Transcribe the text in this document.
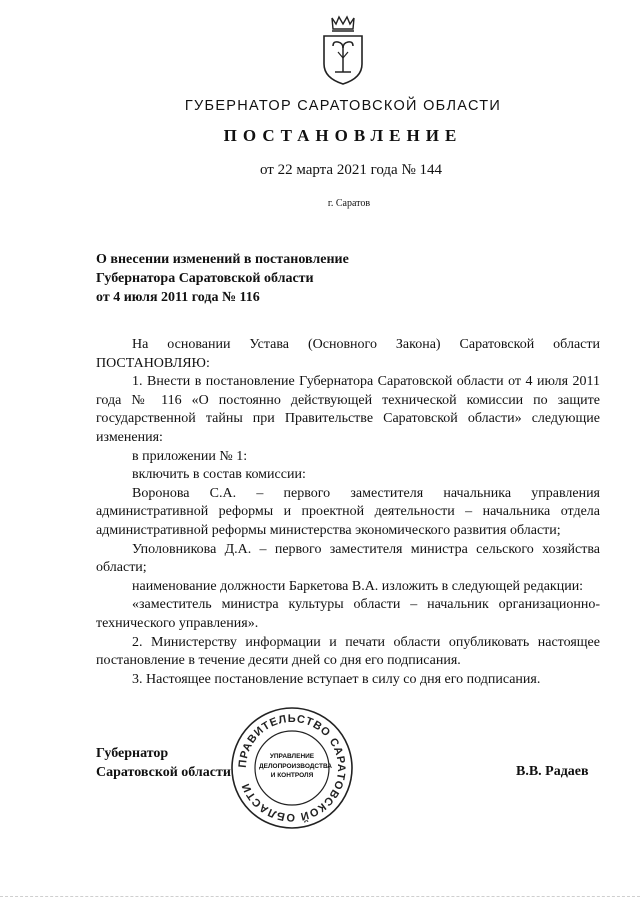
ГУБЕРНАТОР САРАТОВСКОЙ ОБЛАСТИ
ПОСТАНОВЛЕНИЕ
от 22 марта 2021 года № 144
г. Саратов
О внесении изменений в постановление
Губернатора Саратовской области
от 4 июля 2011 года № 116

На основании Устава (Основного Закона) Саратовской области ПОСТАНОВЛЯЮ:

1. Внести в постановление Губернатора Саратовской области от 4 июля 2011 года № 116 «О постоянно действующей технической комиссии по защите государственной тайны при Правительстве Саратовской области» следующие изменения:

в приложении № 1:

включить в состав комиссии:

Воронова С.А. – первого заместителя начальника управления административной реформы и проектной деятельности – начальника отдела административной реформы министерства экономического развития области;

Уполовникова Д.А. – первого заместителя министра сельского хозяйства области;

наименование должности Баркетова В.А. изложить в следующей редакции:

«заместитель министра культуры области – начальник организационно-технического управления».

2. Министерству информации и печати области опубликовать настоящее постановление в течение десяти дней со дня его подписания.

3. Настоящее постановление вступает в силу со дня его подписания.

Губернатор
Саратовской области
ПРАВИТЕЛЬСТВО САРАТОВСКОЙ ОБЛАСТИ
УПРАВЛЕНИЕ
ДЕЛОПРОИЗВОДСТВА
И КОНТРОЛЯ	В.В. Радаев
